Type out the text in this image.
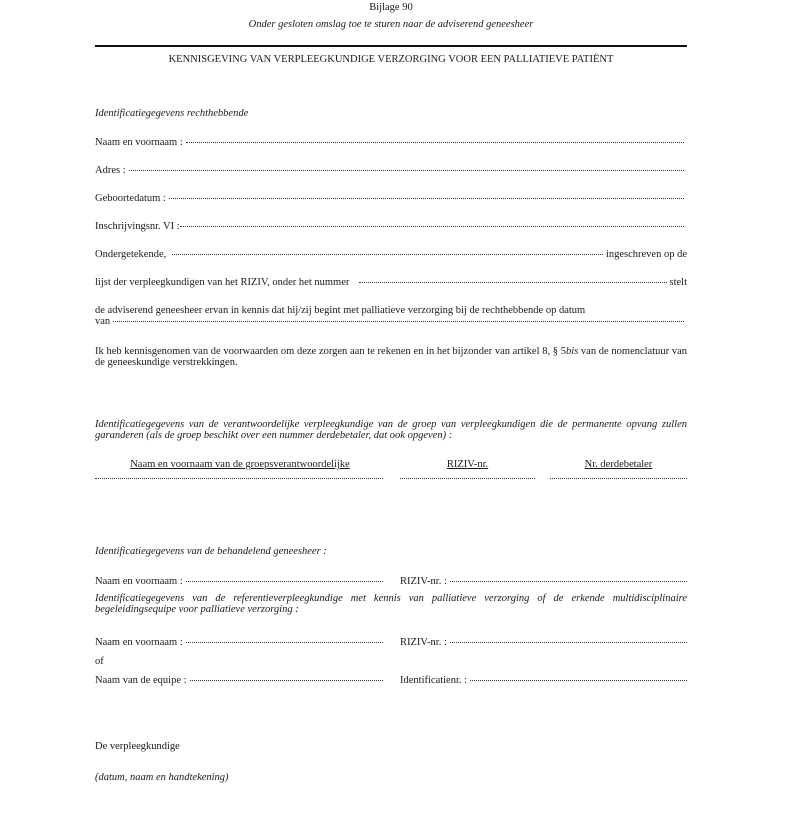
Bijlage 90
Onder gesloten omslag toe te sturen naar de adviserend geneesheer
KENNISGEVING VAN VERPLEEGKUNDIGE VERZORGING VOOR EEN PALLIATIEVE PATIËNT
Identificatiegegevens rechthebbende
Naam en voornaam :
Adres :
Geboortedatum :
Inschrijvingsnr. VI :
Ondergetekende,	ingeschreven op de
lijst der verpleegkundigen van het RIZIV, onder het nummer	stelt
de adviserend geneesheer ervan in kennis dat hij/zij begint met palliatieve verzorging bij de rechthebbende op datum
van
Ik heb kennisgenomen van de voorwaarden om deze zorgen aan te rekenen en in het bijzonder van artikel 8, § 5bis van de nomenclatuur van de geneeskundige verstrekkingen.
Identificatiegegevens van de verantwoordelijke verpleegkundige van de groep van verpleegkundigen die de permanente opvang zullen garanderen (als de groep beschikt over een nummer derdebetaler, dat ook opgeven) :
Naam en voornaam van de groepsverantwoordelijke	RIZIV-nr.	Nr. derdebetaler
Identificatiegegevens van de behandelend geneesheer :
Naam en voornaam :	RIZIV-nr. :
Identificatiegegevens van de referentieverpleegkundige met kennis van palliatieve verzorging of de erkende multidisciplinaire begeleidingsequipe voor palliatieve verzorging :
Naam en voornaam :	RIZIV-nr. :
of
Naam van de equipe :	Identificatienr. :
De verpleegkundige
(datum, naam en handtekening)
